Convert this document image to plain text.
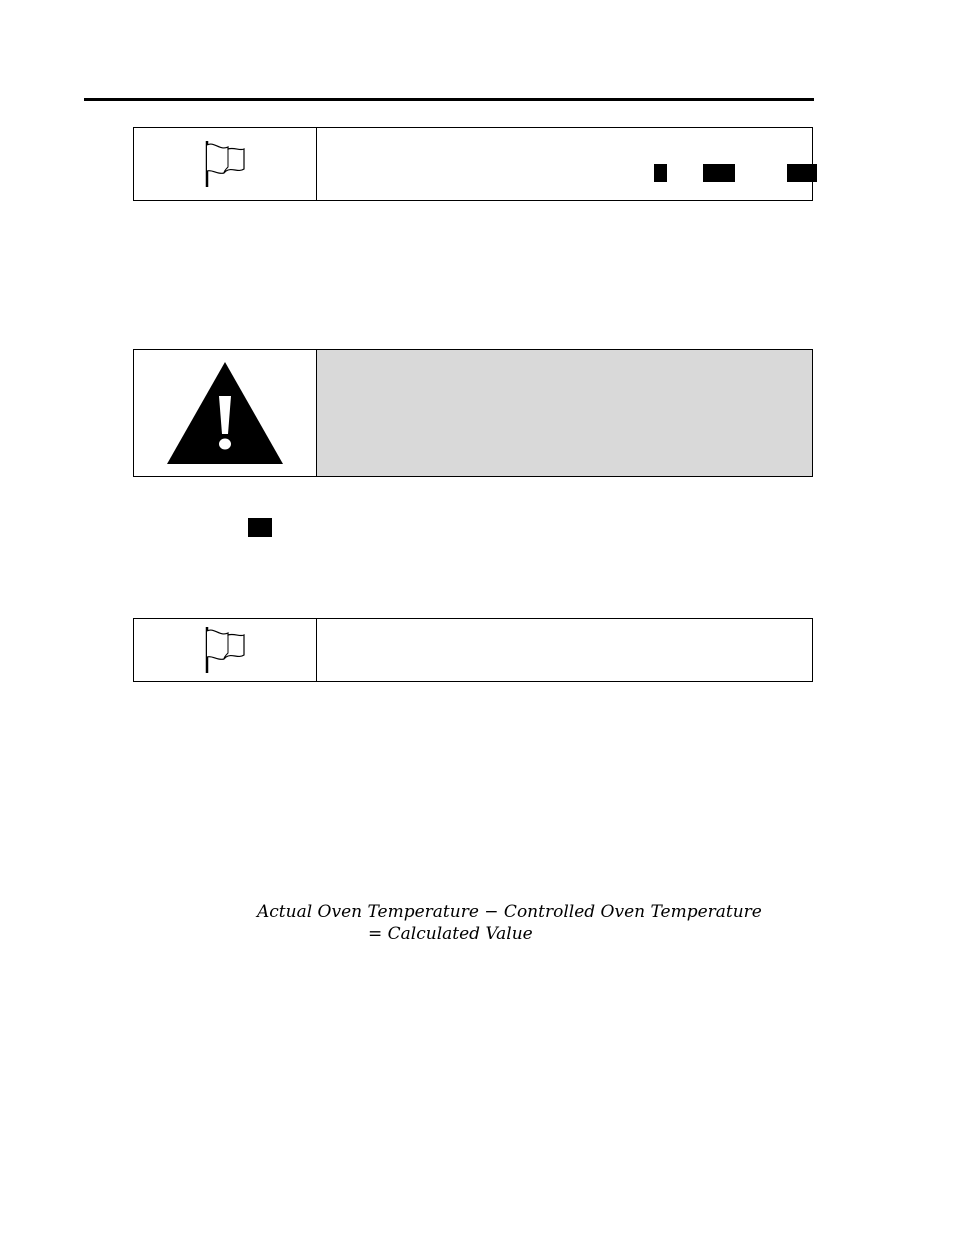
Actual Oven Temperature − Controlled Oven Temperature
= Calculated Value
